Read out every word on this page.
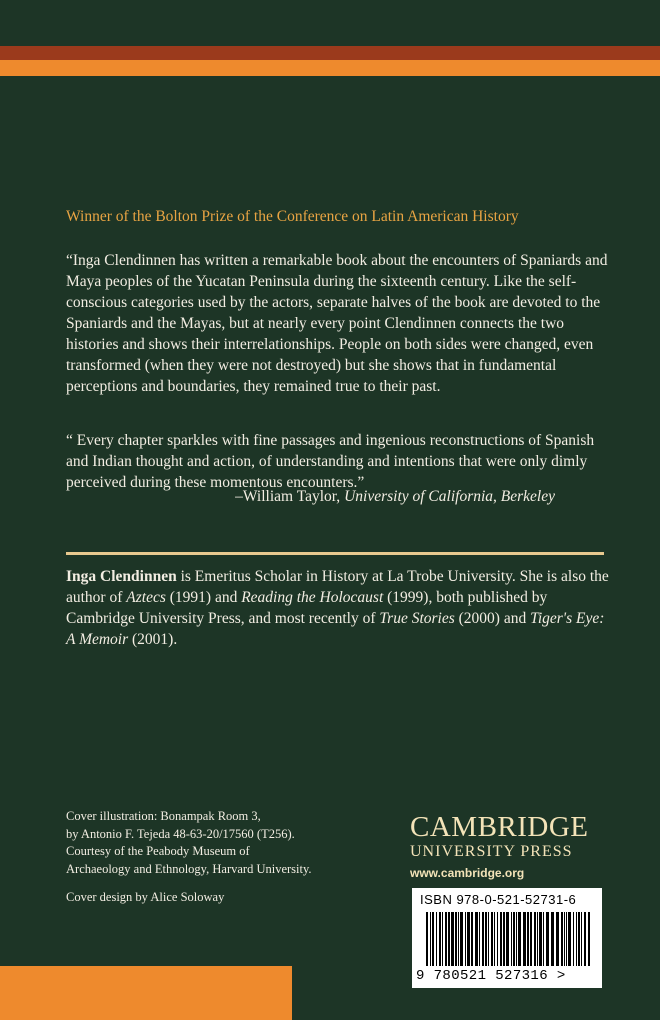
Winner of the Bolton Prize of the Conference on Latin American History

“Inga Clendinnen has written a remarkable book about the encounters of Spaniards and Maya peoples of the Yucatan Peninsula during the sixteenth century. Like the self-conscious categories used by the actors, separate halves of the book are devoted to the Spaniards and the Mayas, but at nearly every point Clendinnen connects the two histories and shows their interrelationships. People on both sides were changed, even transformed (when they were not destroyed) but she shows that in fundamental perceptions and boundaries, they remained true to their past.

“ Every chapter sparkles with fine passages and ingenious reconstructions of Spanish and Indian thought and action, of understanding and intentions that were only dimly perceived during these momentous encounters.”

–William Taylor, University of California, Berkeley

Inga Clendinnen is Emeritus Scholar in History at La Trobe University. She is also the author of Aztecs (1991) and Reading the Holocaust (1999), both published by Cambridge University Press, and most recently of True Stories (2000) and Tiger's Eye: A Memoir (2001).

Cover illustration: Bonampak Room 3,
by Antonio F. Tejeda 48-63-20/17560 (T256).
Courtesy of the Peabody Museum of
Archaeology and Ethnology, Harvard University.

Cover design by Alice Soloway

CAMBRIDGE
UNIVERSITY PRESS
www.cambridge.org
ISBN 978-0-521-52731-6
9 780521 527316 >
